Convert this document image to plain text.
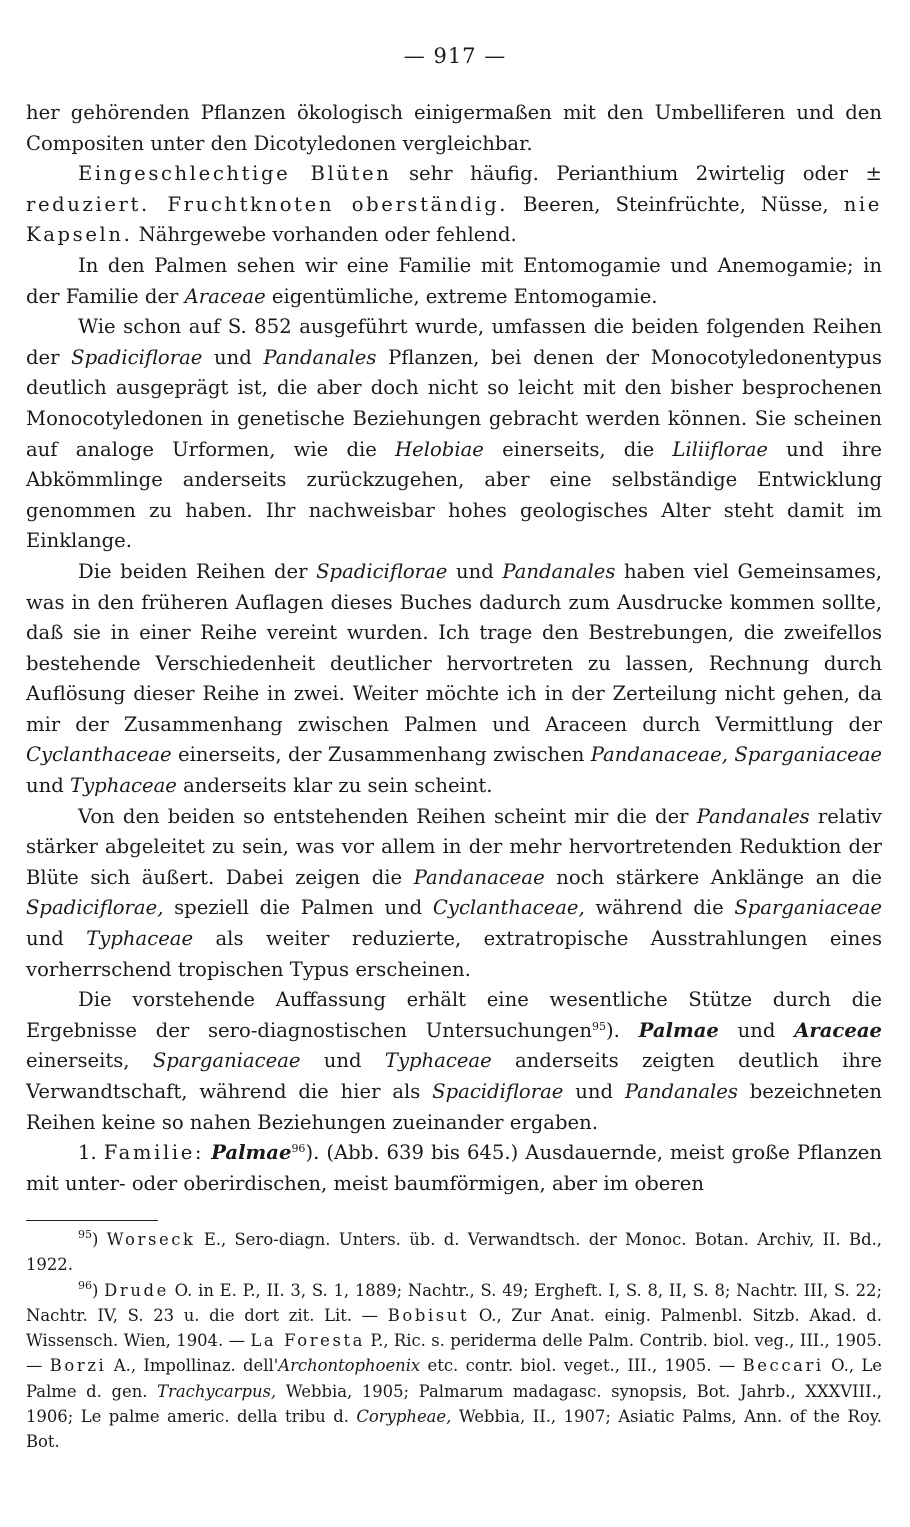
— 917 —

her gehörenden Pflanzen ökologisch einigermaßen mit den Umbelliferen und den Compositen unter den Dicotyledonen vergleichbar.

Eingeschlechtige Blüten sehr häufig. Perianthium 2wirtelig oder ± reduziert. Fruchtknoten oberständig. Beeren, Steinfrüchte, Nüsse, nie Kapseln. Nährgewebe vorhanden oder fehlend.

In den Palmen sehen wir eine Familie mit Entomogamie und Anemogamie; in der Familie der Araceae eigentümliche, extreme Entomogamie.

Wie schon auf S. 852 ausgeführt wurde, umfassen die beiden folgenden Reihen der Spadiciflorae und Pandanales Pflanzen, bei denen der Monocotyledonentypus deutlich ausgeprägt ist, die aber doch nicht so leicht mit den bisher besprochenen Monocotyledonen in genetische Beziehungen gebracht werden können. Sie scheinen auf analoge Urformen, wie die Helobiae einerseits, die Liliiflorae und ihre Abkömmlinge anderseits zurückzugehen, aber eine selbständige Entwicklung genommen zu haben. Ihr nachweisbar hohes geologisches Alter steht damit im Einklange.

Die beiden Reihen der Spadiciflorae und Pandanales haben viel Gemeinsames, was in den früheren Auflagen dieses Buches dadurch zum Ausdrucke kommen sollte, daß sie in einer Reihe vereint wurden. Ich trage den Bestrebungen, die zweifellos bestehende Verschiedenheit deutlicher hervortreten zu lassen, Rechnung durch Auflösung dieser Reihe in zwei. Weiter möchte ich in der Zerteilung nicht gehen, da mir der Zusammenhang zwischen Palmen und Araceen durch Vermittlung der Cyclanthaceae einerseits, der Zusammenhang zwischen Pandanaceae, Sparganiaceae und Typhaceae anderseits klar zu sein scheint.

Von den beiden so entstehenden Reihen scheint mir die der Pandanales relativ stärker abgeleitet zu sein, was vor allem in der mehr hervortretenden Reduktion der Blüte sich äußert. Dabei zeigen die Pandanaceae noch stärkere Anklänge an die Spadiciflorae, speziell die Palmen und Cyclanthaceae, während die Sparganiaceae und Typhaceae als weiter reduzierte, extratropische Ausstrahlungen eines vorherrschend tropischen Typus erscheinen.

Die vorstehende Auffassung erhält eine wesentliche Stütze durch die Ergebnisse der sero-diagnostischen Untersuchungen$^{95}$). Palmae und Araceae einerseits, Sparganiaceae und Typhaceae anderseits zeigten deutlich ihre Verwandtschaft, während die hier als Spacidiflorae und Pandanales bezeichneten Reihen keine so nahen Beziehungen zueinander ergaben.

1. Familie: Palmae$^{96}$). (Abb. 639 bis 645.) Ausdauernde, meist große Pflanzen mit unter- oder oberirdischen, meist baumförmigen, aber im oberen

$^{95}$) Worseck E., Sero-diagn. Unters. üb. d. Verwandtsch. der Monoc. Botan. Archiv, II. Bd., 1922.

$^{96}$) Drude O. in E. P., II. 3, S. 1, 1889; Nachtr., S. 49; Ergheft. I, S. 8, II, S. 8; Nachtr. III, S. 22; Nachtr. IV, S. 23 u. die dort zit. Lit. — Bobisut O., Zur Anat. einig. Palmenbl. Sitzb. Akad. d. Wissensch. Wien, 1904. — La Foresta P., Ric. s. periderma delle Palm. Contrib. biol. veg., III., 1905. — Borzi A., Impollinaz. dell'Archontophoenix etc. contr. biol. veget., III., 1905. — Beccari O., Le Palme d. gen. Trachycarpus, Webbia, 1905; Palmarum madagasc. synopsis, Bot. Jahrb., XXXVIII., 1906; Le palme americ. della tribu d. Corypheae, Webbia, II., 1907; Asiatic Palms, Ann. of the Roy. Bot.
